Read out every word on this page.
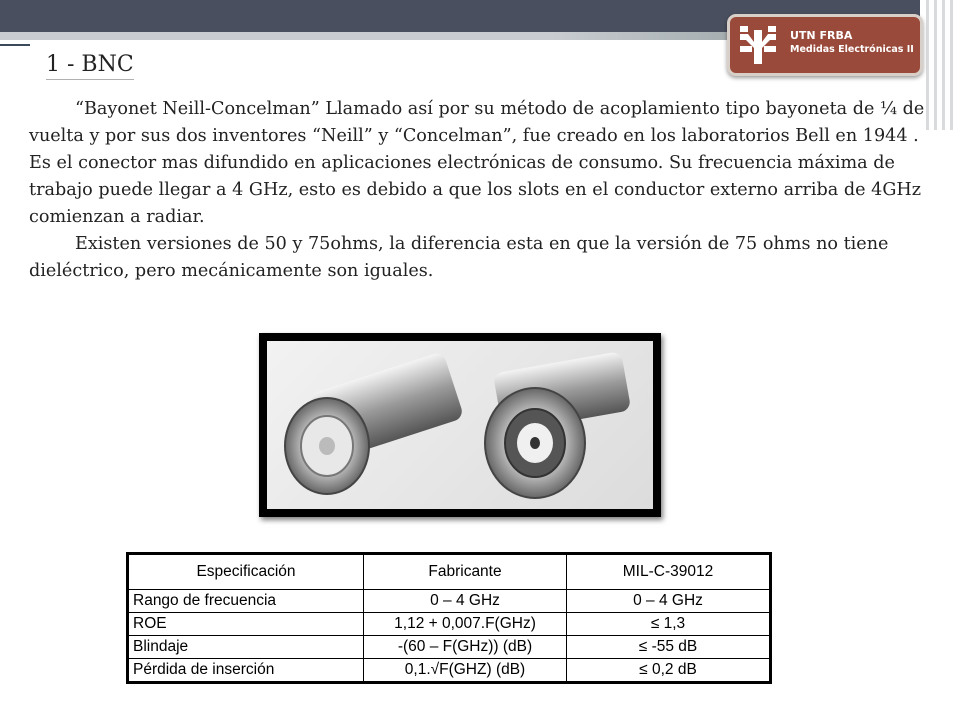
UTN FRBA
Medidas Electrónicas II
1 - BNC

“Bayonet Neill-Concelman” Llamado así por su método de acoplamiento tipo bayoneta de ¼ de vuelta y por sus dos inventores “Neill” y “Concelman”, fue creado en los laboratorios Bell en 1944 . Es el conector mas difundido en aplicaciones electrónicas de consumo. Su frecuencia máxima de trabajo puede llegar a 4 GHz, esto es debido a que los slots en el conductor externo arriba de 4GHz comienzan a radiar.

Existen versiones de 50 y 75ohms, la diferencia esta en que la versión de 75 ohms no tiene dieléctrico, pero mecánicamente son iguales.

Especificación	Fabricante	MIL-C-39012
Rango de frecuencia	0 – 4 GHz	0 – 4 GHz
ROE	1,12 + 0,007.F(GHz)	≤ 1,3
Blindaje	-(60 – F(GHz)) (dB)	≤ -55 dB
Pérdida de inserción	0,1.√F(GHZ) (dB)	≤ 0,2 dB
